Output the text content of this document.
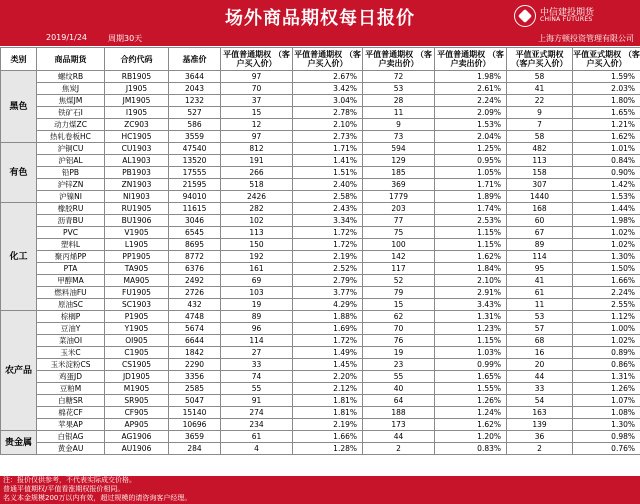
场外商品期权每日报价	中信建投期货
CHINA FUTURES
2019/1/24	周期30天	上海方顿投资管理有限公司
类别	商品期货	合约代码	基准价	平值普通期权 （客户买入价）	平值普通期权 （客户买入价）	平值普通期权 （客户卖出价）	平值普通期权 （客户卖出价）	平值亚式期权 （客户买入价）	平值亚式期权 （客户买入价）
黑色	螺纹RB	RB1905	3644	97	2.67%	72	1.98%	58	1.59%
	焦炭J	J1905	2043	70	3.42%	53	2.61%	41	2.03%
	焦煤JM	JM1905	1232	37	3.04%	28	2.24%	22	1.80%
	铁矿石I	I1905	527	15	2.78%	11	2.09%	9	1.65%
	动力煤ZC	ZC903	586	12	2.10%	9	1.53%	7	1.21%
	热轧卷板HC	HC1905	3559	97	2.73%	73	2.04%	58	1.62%
有色	沪铜CU	CU1903	47540	812	1.71%	594	1.25%	482	1.01%
	沪铝AL	AL1903	13520	191	1.41%	129	0.95%	113	0.84%
	铅PB	PB1903	17555	266	1.51%	185	1.05%	158	0.90%
	沪锌ZN	ZN1903	21595	518	2.40%	369	1.71%	307	1.42%
	沪镍NI	NI1903	94010	2426	2.58%	1779	1.89%	1440	1.53%
化工	橡胶RU	RU1905	11615	282	2.43%	203	1.74%	168	1.44%
	沥青BU	BU1906	3046	102	3.34%	77	2.53%	60	1.98%
	PVC	V1905	6545	113	1.72%	75	1.15%	67	1.02%
	塑料L	L1905	8695	150	1.72%	100	1.15%	89	1.02%
	聚丙烯PP	PP1905	8772	192	2.19%	142	1.62%	114	1.30%
	PTA	TA905	6376	161	2.52%	117	1.84%	95	1.50%
	甲醇MA	MA905	2492	69	2.79%	52	2.10%	41	1.66%
	燃料油FU	FU1905	2726	103	3.77%	79	2.91%	61	2.24%
	原油SC	SC1903	432	19	4.29%	15	3.43%	11	2.55%
农产品	棕榈P	P1905	4748	89	1.88%	62	1.31%	53	1.12%
	豆油Y	Y1905	5674	96	1.69%	70	1.23%	57	1.00%
	菜油OI	OI905	6644	114	1.72%	76	1.15%	68	1.02%
	玉米C	C1905	1842	27	1.49%	19	1.03%	16	0.89%
	玉米淀粉CS	CS1905	2290	33	1.45%	23	0.99%	20	0.86%
	鸡蛋JD	JD1905	3356	74	2.20%	55	1.65%	44	1.31%
	豆粕M	M1905	2585	55	2.12%	40	1.55%	33	1.26%
	白糖SR	SR905	5047	91	1.81%	64	1.26%	54	1.07%
	棉花CF	CF905	15140	274	1.81%	188	1.24%	163	1.08%
	苹果AP	AP905	10696	234	2.19%	173	1.62%	139	1.30%
贵金属	白银AG	AG1906	3659	61	1.66%	44	1.20%	36	0.98%
	黄金AU	AU1906	284	4	1.28%	2	0.83%	2	0.76%
注：报价仅供参考，不代表实际成交价格。
普通平值期权/平值看涨期权报价相同。
名义本金规模200万以内有效，超过规模的请咨询客户经理。
